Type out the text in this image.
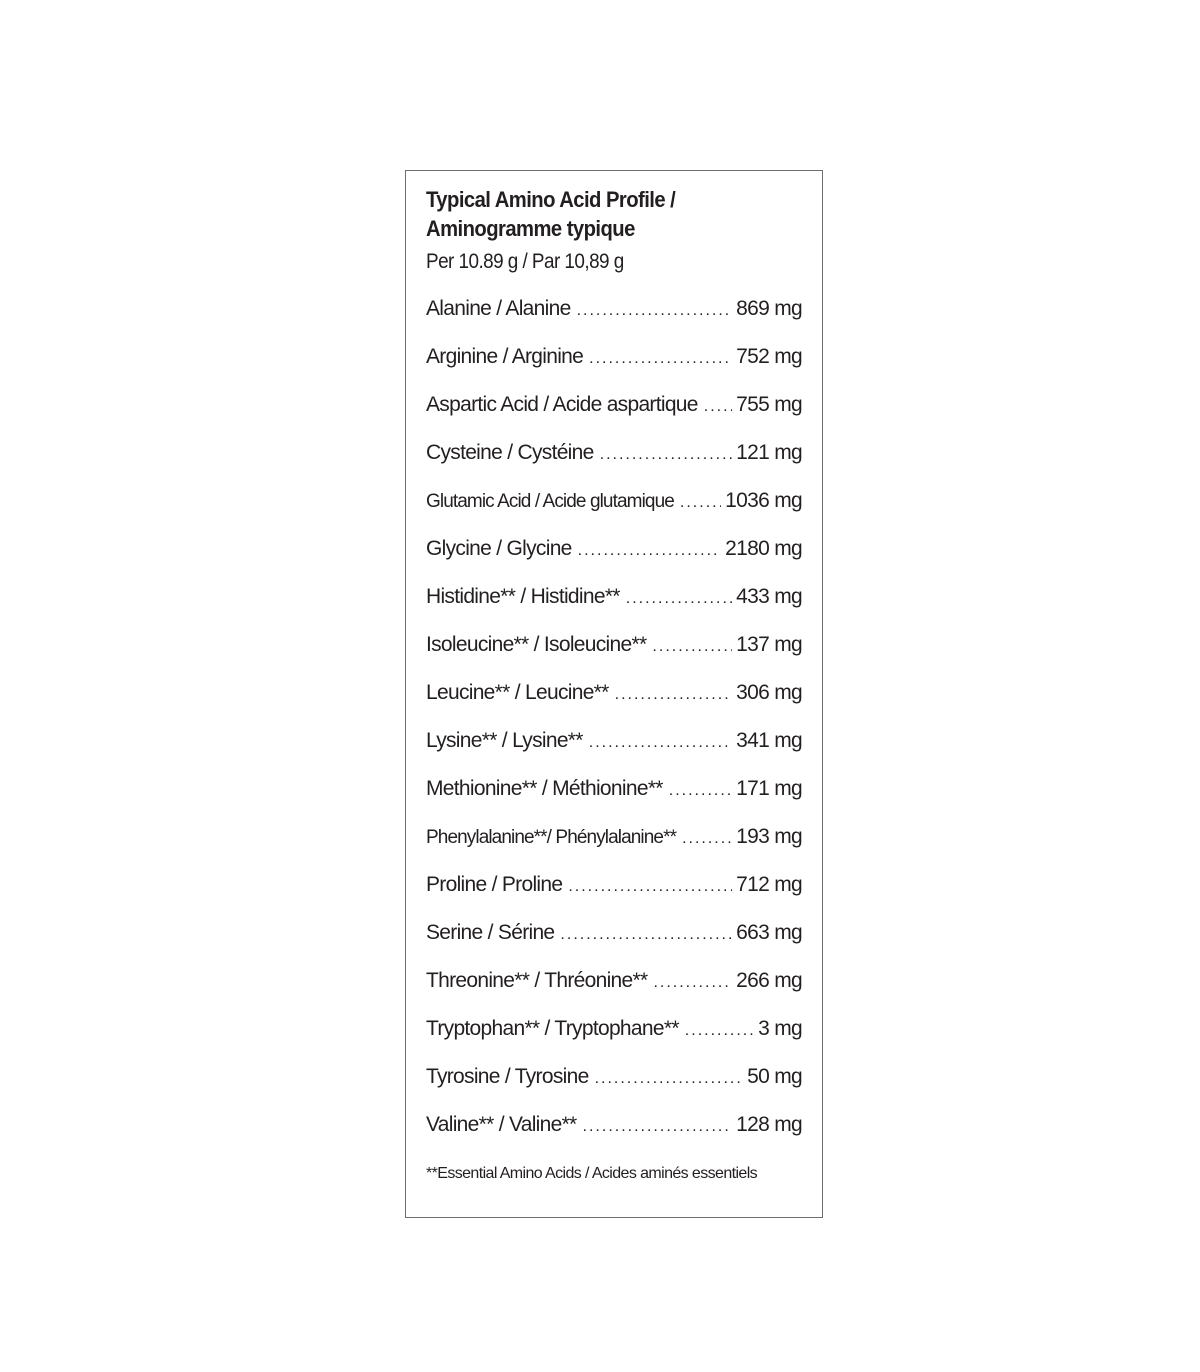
Typical Amino Acid Profile /
Aminogramme typique
Per 10.89 g / Par 10,89 g
Alanine / Alanine .....	869 mg
Arginine / Arginine .....	752 mg
Aspartic Acid / Acide aspartique ..... 755 mg
Cysteine / Cystéine .....	121 mg
Glutamic Acid / Acide glutamique ..... 1036 mg
Glycine / Glycine .....	2180 mg
Histidine** / Histidine** .....	433 mg
Isoleucine** / Isoleucine** .....	137 mg
Leucine** / Leucine** .....	306 mg
Lysine** / Lysine** .....	341 mg
Methionine** / Méthionine** .....	171 mg
Phenylalanine**/ Phénylalanine** .....	193 mg
Proline / Proline .....	712 mg
Serine / Sérine .....	663 mg
Threonine** / Thréonine** .....	266 mg
Tryptophan** / Tryptophane** .....	3 mg
Tyrosine / Tyrosine .....	50 mg
Valine** / Valine** .....	128 mg
**Essential Amino Acids / Acides aminés essentiels
